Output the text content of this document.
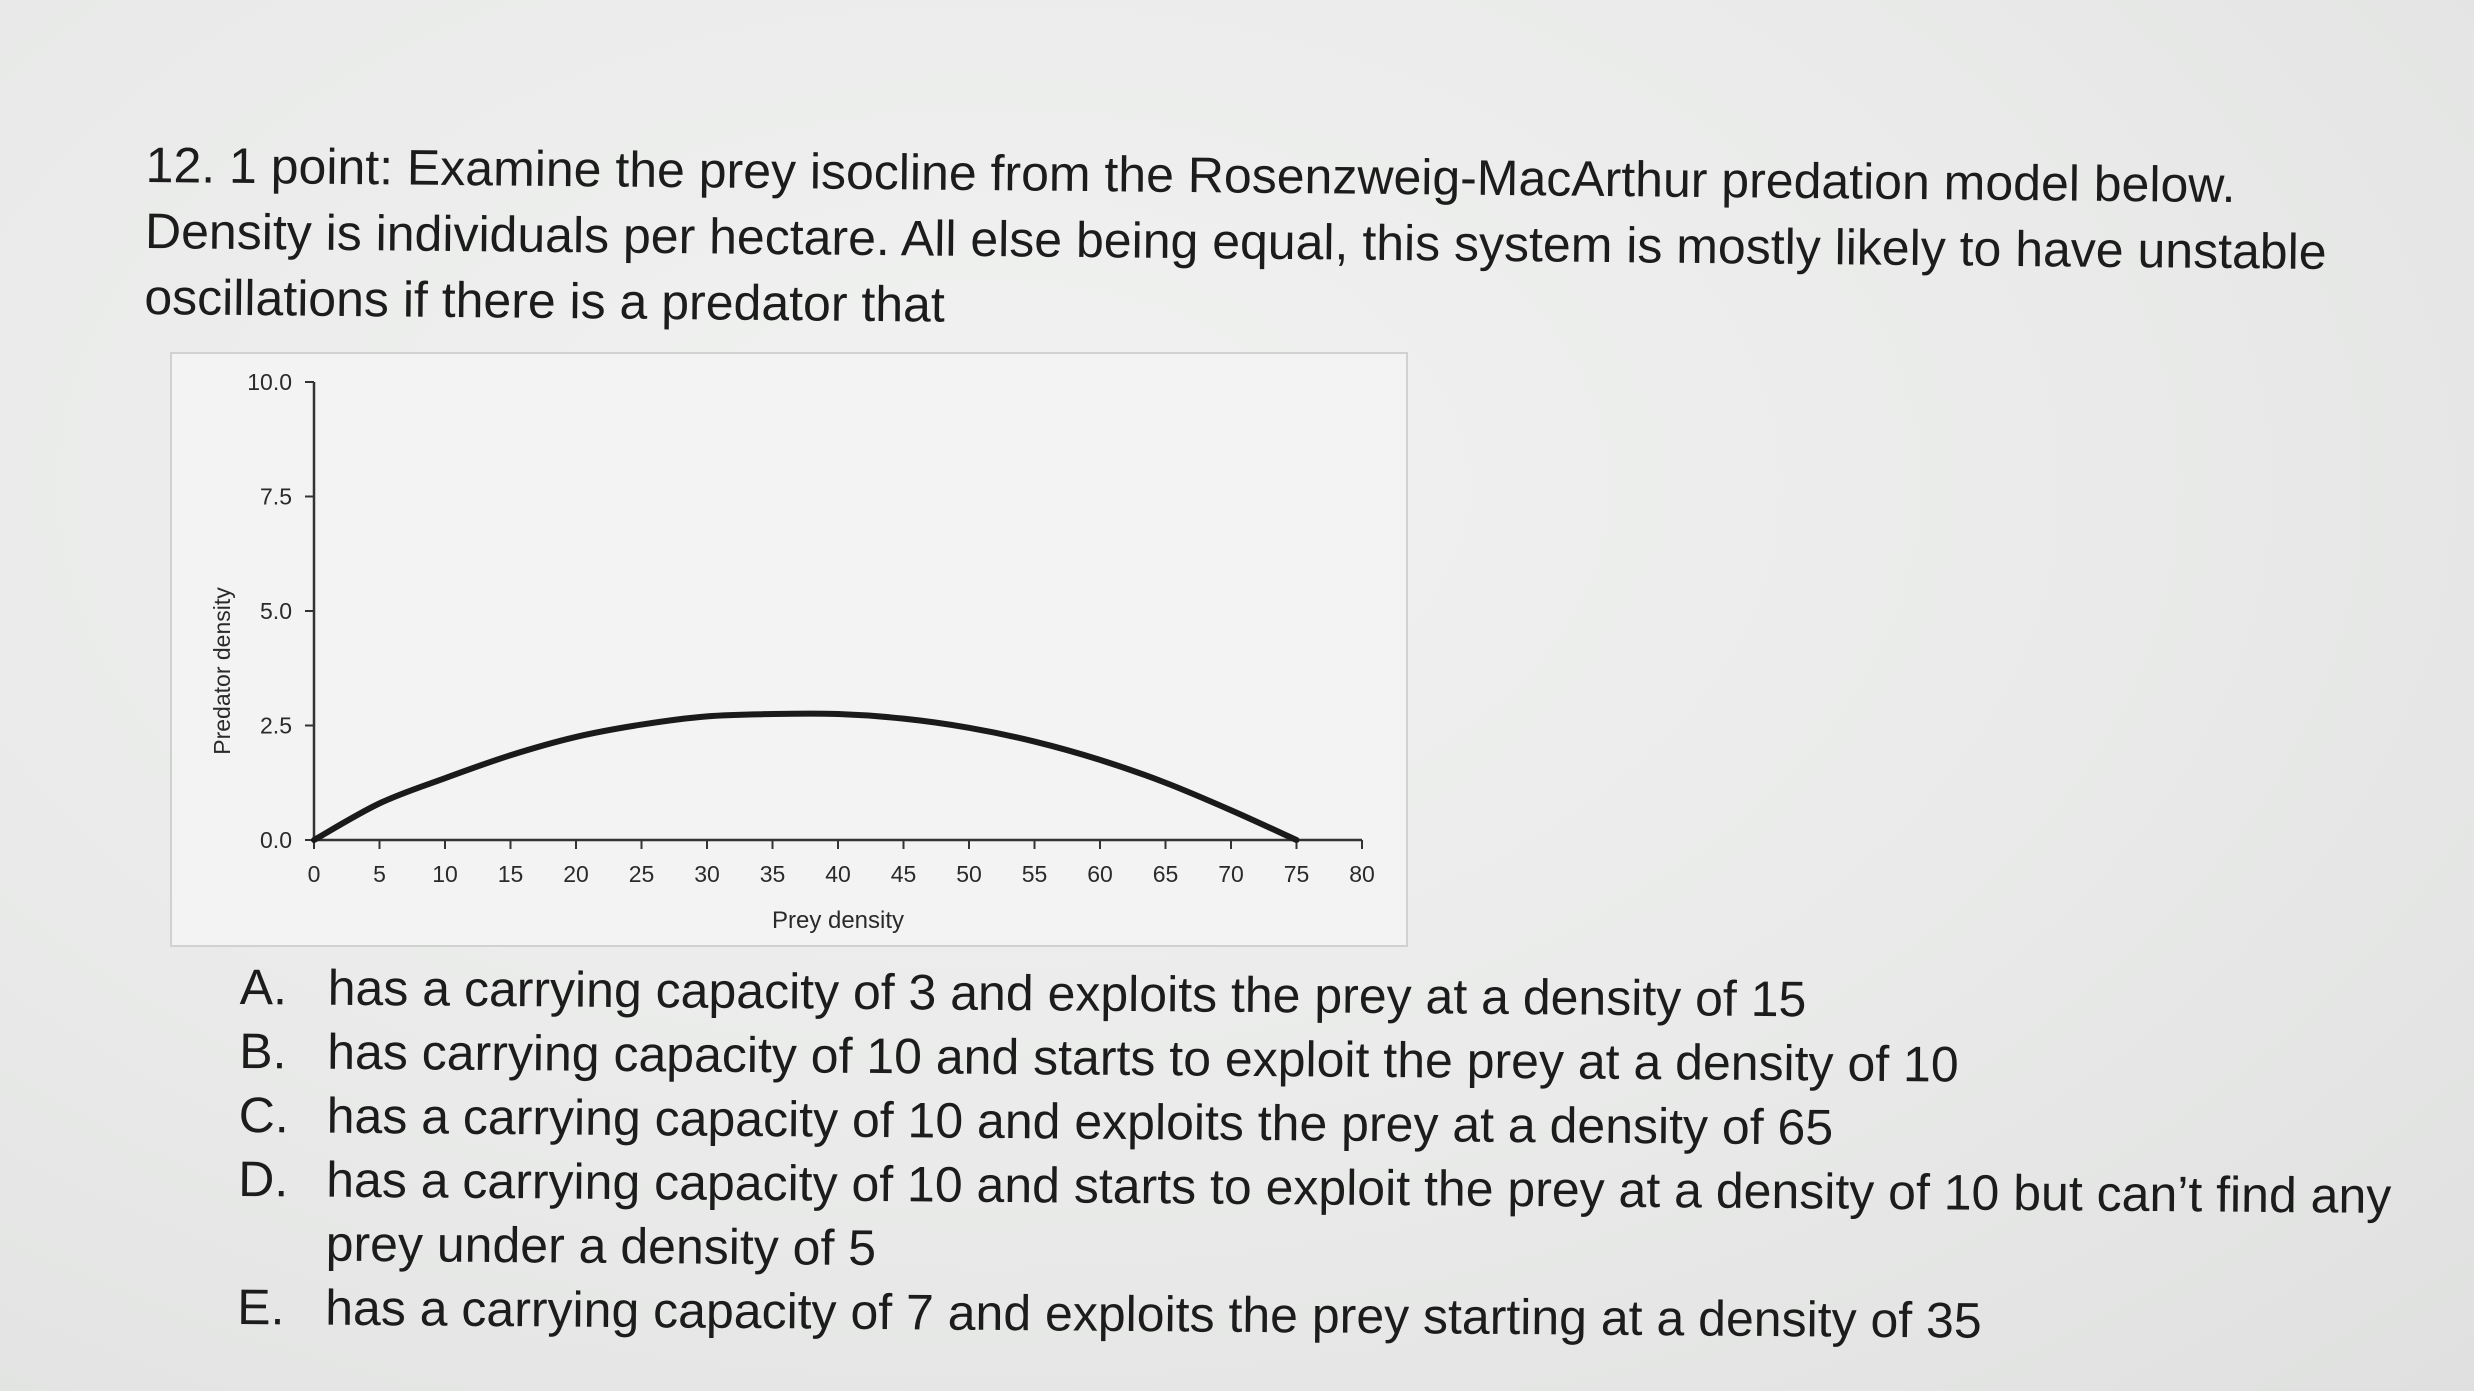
12. 1 point: Examine the prey isocline from the Rosenzweig-MacArthur predation model below. Density is individuals per hectare. All else being equal, this system is mostly likely to have unstable oscillations if there is a predator that

0.0
2.5
5.0
7.5
10.0
0 5 10 15 20 25 30 35 40 45 50 55 60 65 70 75 80
Prey density
Predator density
A. has a carrying capacity of 3 and exploits the prey at a density of 15
B. has carrying capacity of 10 and starts to exploit the prey at a density of 10
C. has a carrying capacity of 10 and exploits the prey at a density of 65
D. has a carrying capacity of 10 and starts to exploit the prey at a density of 10 but can’t find any prey under a density of 5
E. has a carrying capacity of 7 and exploits the prey starting at a density of 35
